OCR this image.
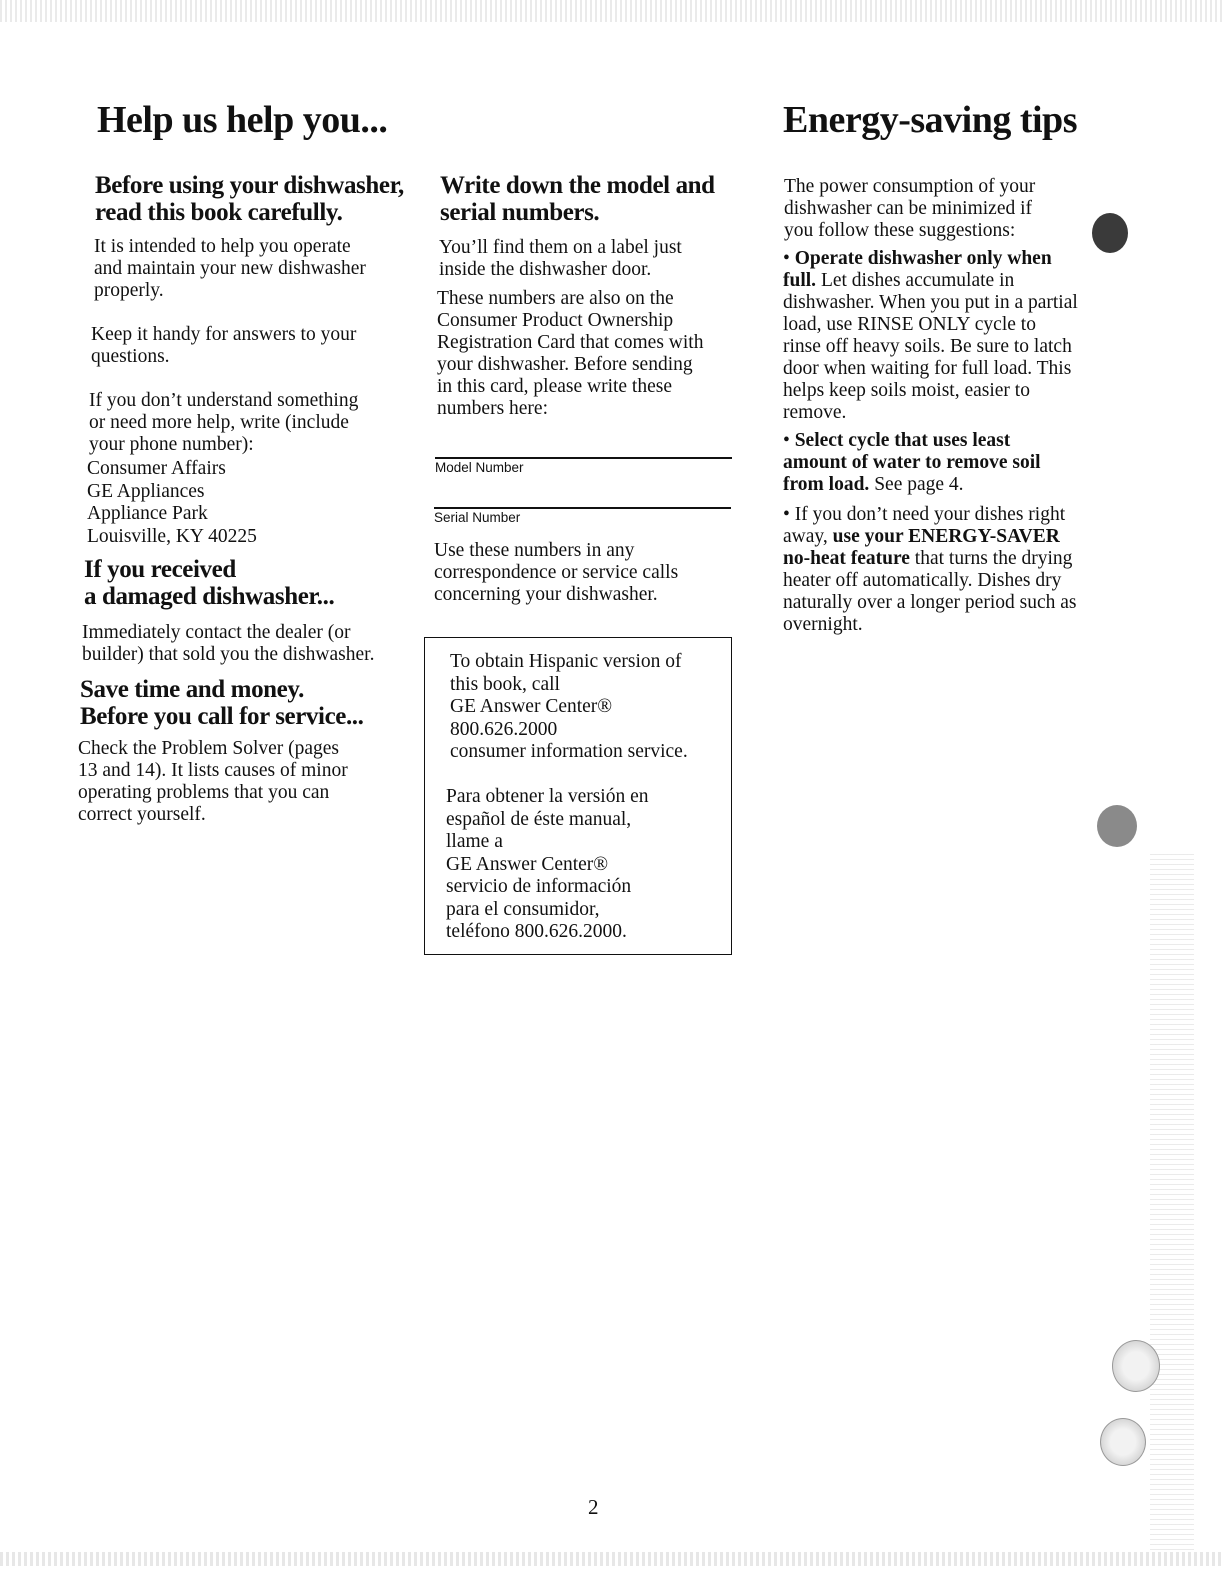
Help us help you...	Energy-saving tips
Before using your dishwasher,
read this book carefully.

It is intended to help you operate
and maintain your new dishwasher
properly.

Keep it handy for answers to your
questions.

If you don’t understand something
or need more help, write (include
your phone number):

Consumer Affairs
GE Appliances
Appliance Park
Louisville, KY 40225

If you received
a damaged dishwasher...

Immediately contact the dealer (or
builder) that sold you the dishwasher.

Save time and money.
Before you call for service...

Check the Problem Solver (pages
13 and 14). It lists causes of minor
operating problems that you can
correct yourself.

Write down the model and
serial numbers.

You’ll find them on a label just
inside the dishwasher door.

These numbers are also on the
Consumer Product Ownership
Registration Card that comes with
your dishwasher. Before sending
in this card, please write these
numbers here:

Model Number
Serial Number

Use these numbers in any
correspondence or service calls
concerning your dishwasher.

To obtain Hispanic version of
this book, call
GE Answer Center®
800.626.2000
consumer information service.

Para obtener la versión en
español de éste manual,
llame a
GE Answer Center®
servicio de información
para el consumidor,
teléfono 800.626.2000.

The power consumption of your
dishwasher can be minimized if
you follow these suggestions:

• Operate dishwasher only when full. Let dishes accumulate in dishwasher. When you put in a partial load, use RINSE ONLY cycle to rinse off heavy soils. Be sure to latch door when waiting for full load. This helps keep soils moist, easier to remove.

• Select cycle that uses least amount of water to remove soil from load. See page 4.

• If you don’t need your dishes right away, use your ENERGY-SAVER no-heat feature that turns the drying heater off automatically. Dishes dry naturally over a longer period such as overnight.

2
